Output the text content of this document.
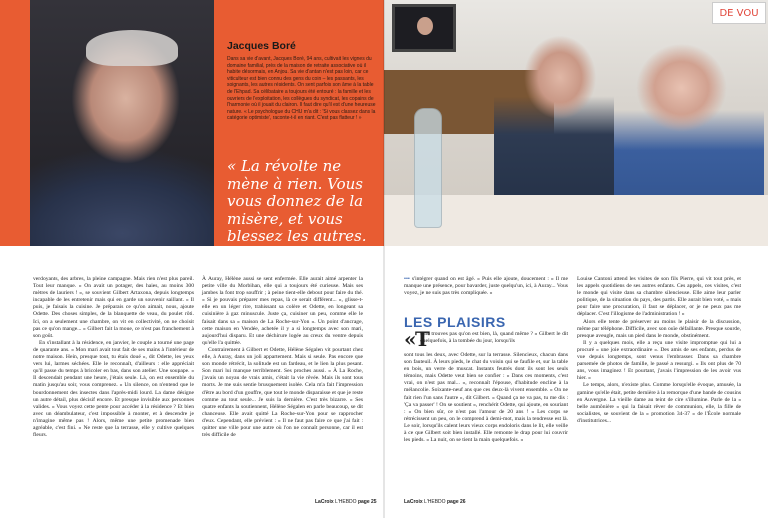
Jacques Boré
Dans sa vie d'avant, Jacques Boré, 94 ans, cultivait les vignes du domaine familial, près de la maison de retraite associative où il habite désormais, en Anjou. Sa vie d'antan n'est pas loin, car ce viticulteur est bien connu des gens du coin – les passants, les soignants, les autres résidents. On sent parfois son âme à la table de l'Ehpad. Sa célibataire a toujours été entouré : la famille et les ouvriers de l'exploitation, les collègues du syndicat, les copains de l'harmonie où il jouait du clairon. Il faut dire qu'il est d'une heureuse nature. « Le psychologue du CHU m'a dit : 'Si vous classez dans la catégorie optimiste', raconte-t-il en riant. C'est pas flatteur ! »
« La révolte ne mène à rien. Vous vous donnez de la misère, et vous blessez les autres. »
DE VOU

verdoyants, des arbres, la pleine campagne. Mais rien n'est plus pareil. Tout leur manque. « On avait un potager, des haies, au moins 300 mètres de lauriers ! », se souvient Gilbert Artaxona, depuis longtemps incapable de les entretenir mais qui en garde un souvenir saillant. « Il puis, je faisais la cuisine. Je préparais ce qu'on aimait, nous, ajoute Odette. Des choses simples, de la blanquette de veau, du poulet rôti. Ici, on a seulement une chambre, on vit en collectivité, on ne choisit pas ce qu'on mange... » Gilbert fait la moue, ce n'est pas franchement à son goût.

En s'installant à la résidence, en janvier, le couple a tourné une page de quarante ans. « Mon mari avait tout fait de ses mains à l'intérieur de notre maison. Hein, presque tout, tu étais doué », dit Odette, les yeux vers lui, larmes séchées. Elle le reconnaît, d'ailleurs : elle appréciait qu'il passe du temps à bricoler en bas, dans son atelier. Une soupape. « Il descendait pendant une heure, j'étais seule. Là, on est ensemble du matin jusqu'au soir, vous comprenez. » Un silence, on n'entend que le bourdonnement des insectes dans l'après-midi lourd. La dame désigne un autre détail, plus décisif encore. Et presque invisible aux personnes valides. « Vous voyez cette pente pour accéder à la résidence ? Et bien avec un déambulateur, c'est impossible à monter, et à descendre je n'imagine même pas ! Alors, même une petite promenade bien agréable, c'est fini. » Ne reste que la terrasse, elle y cultive quelques fleurs.

À Auray, Hélène aussi se sent enfermée. Elle aurait aimé arpenter la petite ville du Morbihan, elle qui a toujours été curieuse. Mais ses jambes la font trop souffrir ; à peine tient-elle debout pour faire du thé. « Si je pouvais préparer mes repas, là ce serait différent... », glisse-t-elle en un léger rire, trahissant sa colère et Odette, en longeant sa cuisinière à gaz minuscule. Juste ça, cuisiner un peu, comme elle le faisait dans sa « maison de La Roche-sur-Yon ». Un point d'ancrage, cette maison en Vendée, achetée il y a si longtemps avec son mari, aujourd'hui disparu. Et une déchirure logée au creux du ventre depuis qu'elle l'a quittée.

Contrairement à Gilbert et Odette, Hélène Ségalen vit pourtant chez elle, à Auray, dans un joli appartement. Mais si seule. Pas encore que son monde rétrécit, la solitude est un fardeau, et le lien la plus pesant. Son mari lui manque terriblement. Ses proches aussi. « À La Roche, j'avais un noyau de vrais amis, c'était la vie rêvée. Mais ils sont tous morts. Je me suis sentie brusquement isolée. Cela m'a fait l'impression d'être au bord d'un gouffre, que tout le monde disparaisse et que je reste comme au tout seule... Je suis la dernière. C'est très bizarre. » Ses quatre enfants la soutiennent, Hélène Ségalen en parle beaucoup, se dit chanceuse. Elle avait quitté La Roche-sur-Yon pour se rapprocher d'eux. Cependant, elle prévient : « Il ne faut pas faire ce que j'ai fait : quitter une ville pour une autre où l'on ne connaît personne, car il est très difficile de

••• s'intégrer quand on est âgé. » Puis elle ajoute, doucement : « Il me manque une présence, pour bavarder, juste quelqu'un, ici, à Auray... Vous voyez, je ne suis pas très compliquée. »

LES PLAISIRS
«T
u ne trouves pas qu'on est bien, là, quand même ? » Gilbert le dit quelquefois, à la tombée du jour, lorsqu'ils
sont tous les deux, avec Odette, sur la terrasse. Silencieux, chacun dans son fauteuil. À leurs pieds, le chat du voisin qui se faufile et, sur la table en bois, un verre de muscat. Instants feutrés dont ils sont les seuls témoins, mais Odette veut bien se confier : « Dans ces moments, c'est vrai, on n'est pas mal... », reconnaît l'épouse, d'habitude encline à la mélancolie. Soixante-neuf ans que ces deux-là vivent ensemble. « On ne fait rien l'un sans l'autre », dit Gilbert. « Quand ça ne va pas, tu me dis : 'Ça va passer' ! On se soutient », renchérit Odette, qui ajoute, en souriant : « On bien sûr, ce n'est pas l'amour de 20 ans ! » Les corps se rétrécissent un peu, on le comprend à demi-mot, mais la tendresse est là. Le soir, lorsqu'ils calent leurs vieux corps endoloris dans le lit, elle veille à ce que Gilbert soit bien installé. Elle remonte le drap pour lui couvrir les pieds. « La nuit, on se tient la main quelquefois. »

Louise Cantoni attend les visites de son fils Pierre, qui vit tout près, et les appels quotidiens de ses autres enfants. Ces appels, ces visites, c'est le monde qui visite dans sa chambre silencieuse. Elle aime leur parler politique, de la situation du pays, des partis. Elle aurait bien voté, « mais pour faire une procuration, il faut se déplacer, or je ne peux pas me déplacer. C'est l'illogisme de l'administration ! »

Alors elle tente de préserver au moins le plaisir de la discussion, même par téléphone. Difficile, avec son ouïe défaillante. Presque sourde, presque aveugle, mais un pied dans le monde, obstinément.

Il y a quelques mois, elle a reçu une visite impromptue qui lui a procuré « une joie extraordinaire ». Des amis de ses enfants, perdus de vue depuis longtemps, sont venus l'embrasser. Dans sa chambre parsemée de photos de famille, le passé a ressurgi. « Ils ont plus de 70 ans, vous imaginez ! Et pourtant, j'avais l'impression de les avoir vus hier. »

Le temps, alors, n'existe plus. Comme lorsqu'elle évoque, amusée, la gamine qu'elle était, petite dernière à la remorque d'une bande de cousins en Auvergne. La vieille dame au teint de cire s'illumine. Parle de la « belle aumônière » qui la faisait rêver de communion, elle, la fille de socialistes, se souvient de la « promotion 34-37 » de l'École normale d'institutrices...

LaCroix L'HEBDO page 25	LaCroix L'HEBDO page 26
